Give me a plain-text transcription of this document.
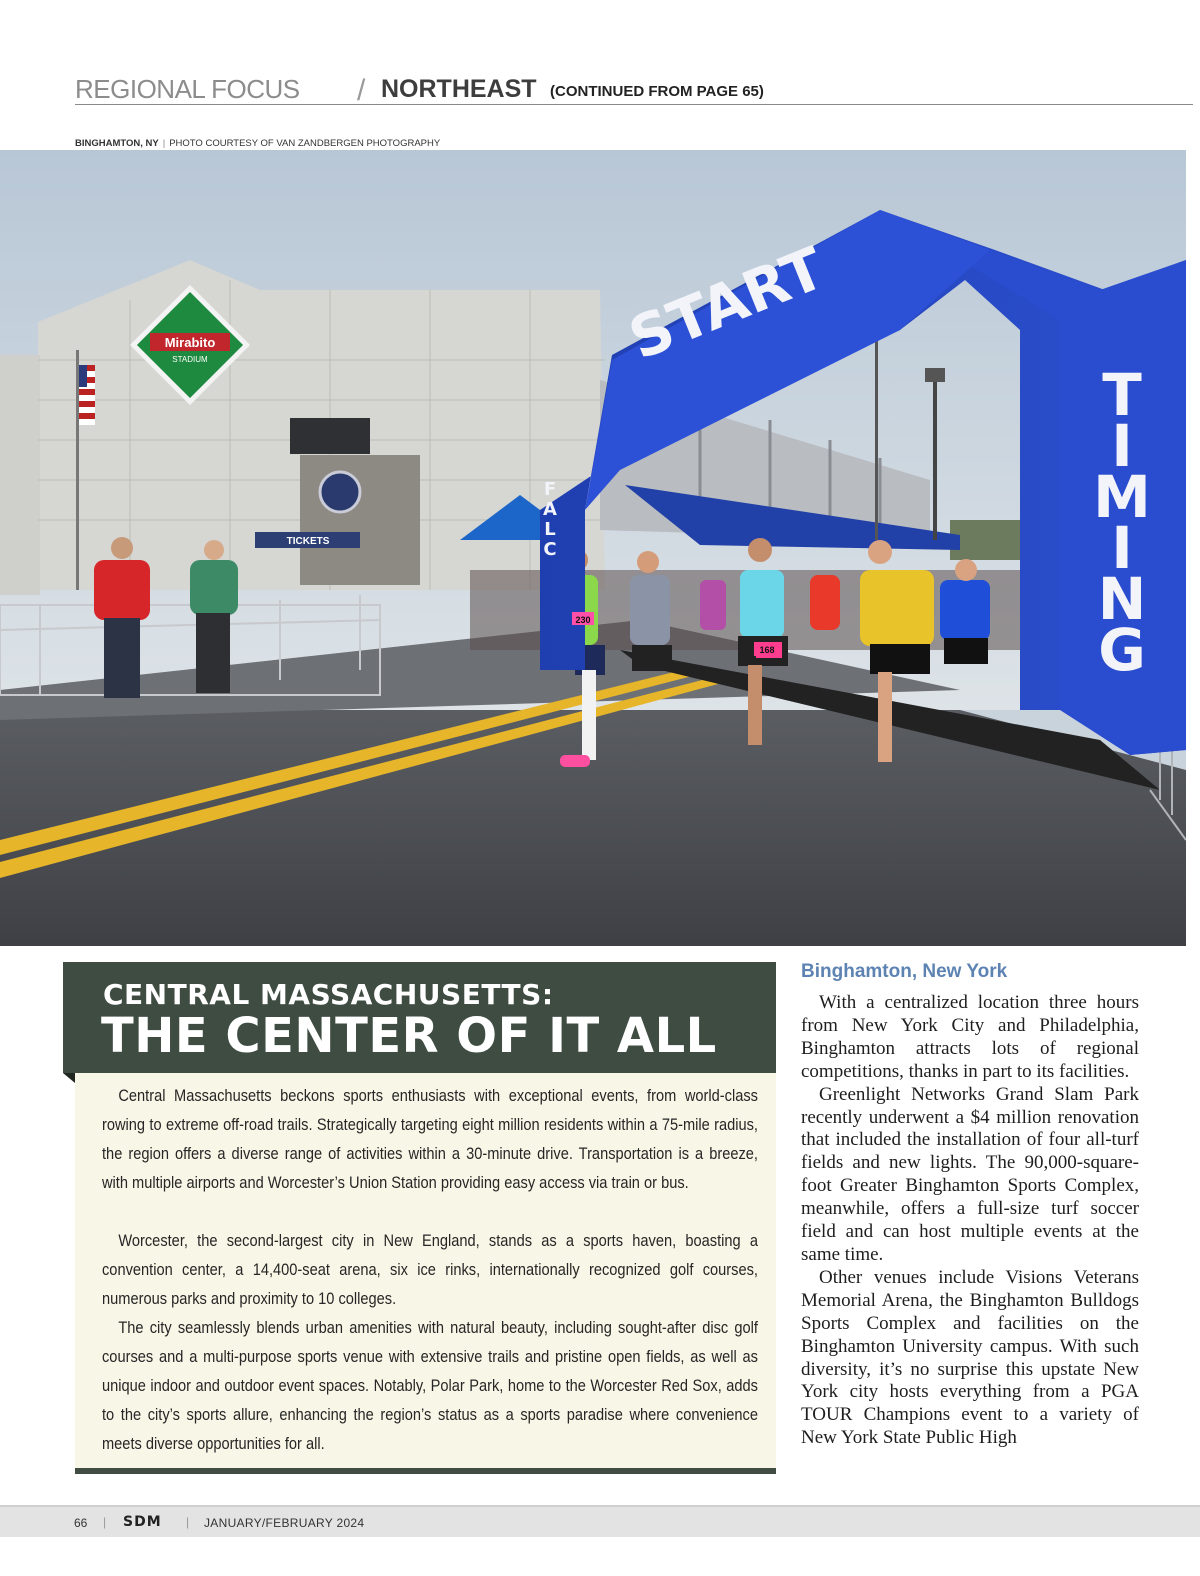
REGIONAL FOCUS / NORTHEAST (CONTINUED FROM PAGE 65)
BINGHAMTON, NY | PHOTO COURTESY OF VAN ZANDBERGEN PHOTOGRAPHY
Mirabito
STADIUM	START
T
I
M
I
N
G
F
A
L
C
TICKETS
230
168
CENTRAL MASSACHUSETTS:
THE CENTER OF IT ALL

Central Massachusetts beckons sports enthusiasts with exceptional events, from world-class rowing to extreme off-road trails. Strategically targeting eight million residents within a 75-mile radius, the region offers a diverse range of activities within a 30-minute drive. Transportation is a breeze, with multiple airports and Worcester’s Union Station providing easy access via train or bus.

Worcester, the second-largest city in New England, stands as a sports haven, boasting a convention center, a 14,400-seat arena, six ice rinks, internationally recognized golf courses, numerous parks and proximity to 10 colleges.

The city seamlessly blends urban amenities with natural beauty, including sought-after disc golf courses and a multi-purpose sports venue with extensive trails and pristine open fields, as well as unique indoor and outdoor event spaces. Notably, Polar Park, home to the Worcester Red Sox, adds to the city’s sports allure, enhancing the region’s status as a sports paradise where convenience meets diverse opportunities for all.

Binghamton, New York

With a centralized location three hours from New York City and Philadelphia, Binghamton attracts lots of regional competitions, thanks in part to its facilities.

Greenlight Networks Grand Slam Park recently underwent a $4 million renovation that included the installation of four all-turf fields and new lights. The 90,000-square-foot Greater Binghamton Sports Complex, meanwhile, offers a full-size turf soccer field and can host multiple events at the same time.

Other venues include Visions Veterans Memorial Arena, the Binghamton Bulldogs Sports Complex and facilities on the Binghamton University campus. With such diversity, it’s no surprise this upstate New York city hosts everything from a PGA TOUR Champions event to a variety of New York State Public High

66 | SDM | JANUARY/FEBRUARY 2024
